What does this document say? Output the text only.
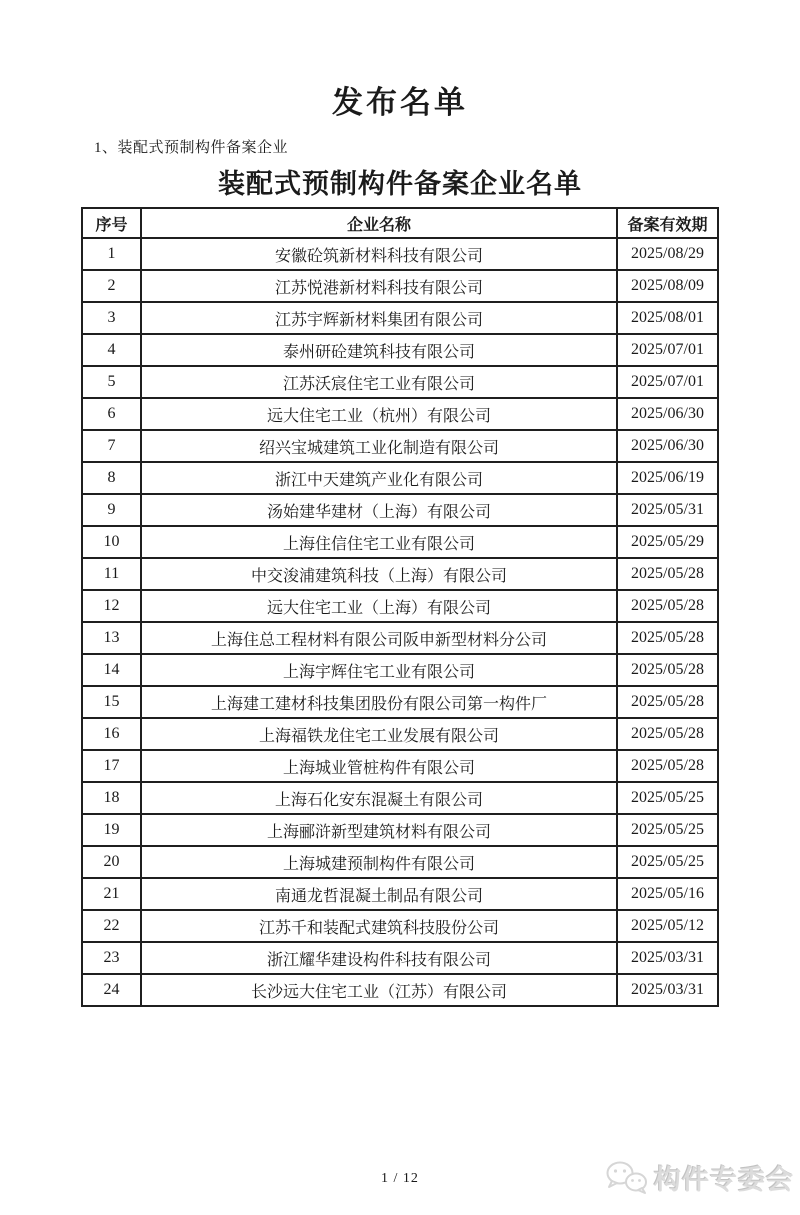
发布名单
1、装配式预制构件备案企业
装配式预制构件备案企业名单
序号	企业名称	备案有效期
1	安徽砼筑新材料科技有限公司	2025/08/29
2	江苏悦港新材料科技有限公司	2025/08/09
3	江苏宇辉新材料集团有限公司	2025/08/01
4	泰州研砼建筑科技有限公司	2025/07/01
5	江苏沃宸住宅工业有限公司	2025/07/01
6	远大住宅工业（杭州）有限公司	2025/06/30
7	绍兴宝城建筑工业化制造有限公司	2025/06/30
8	浙江中天建筑产业化有限公司	2025/06/19
9	汤始建华建材（上海）有限公司	2025/05/31
10	上海住信住宅工业有限公司	2025/05/29
11	中交浚浦建筑科技（上海）有限公司	2025/05/28
12	远大住宅工业（上海）有限公司	2025/05/28
13	上海住总工程材料有限公司阪申新型材料分公司	2025/05/28
14	上海宇辉住宅工业有限公司	2025/05/28
15	上海建工建材科技集团股份有限公司第一构件厂	2025/05/28
16	上海福铁龙住宅工业发展有限公司	2025/05/28
17	上海城业管桩构件有限公司	2025/05/28
18	上海石化安东混凝土有限公司	2025/05/25
19	上海郦浒新型建筑材料有限公司	2025/05/25
20	上海城建预制构件有限公司	2025/05/25
21	南通龙哲混凝土制品有限公司	2025/05/16
22	江苏千和装配式建筑科技股份公司	2025/05/12
23	浙江耀华建设构件科技有限公司	2025/03/31
24	长沙远大住宅工业（江苏）有限公司	2025/03/31
1 / 12	构件专委会
